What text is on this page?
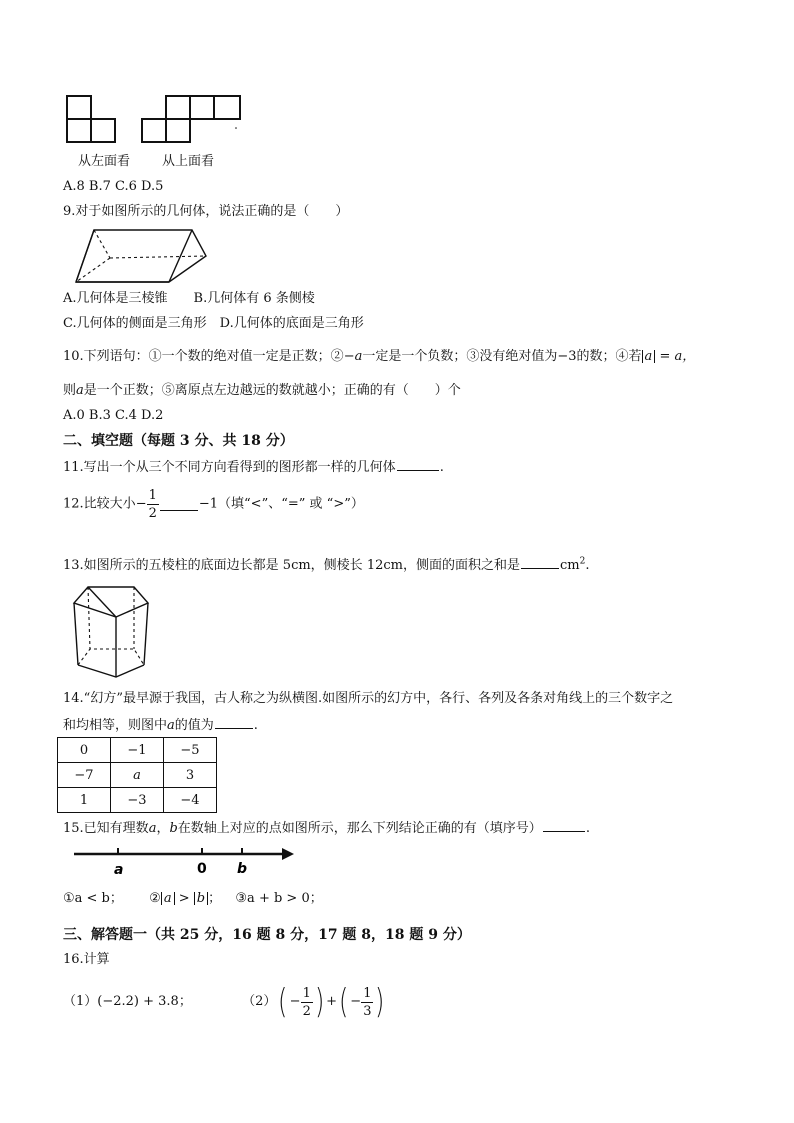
从左面看 从上面看
A.8 B.7 C.6 D.5
9.对于如图所示的几何体，说法正确的是（　　）
A.几何体是三棱锥　　B.几何体有 6 条侧棱
C.几何体的侧面是三角形　D.几何体的底面是三角形
10.下列语句：①一个数的绝对值一定是正数；②−a一定是一个负数；③没有绝对值为−3的数；④若 a = a，
则a是一个正数；⑤离原点左边越远的数就越小；正确的有（　　）个
A.0 B.3 C.4 D.2
二、填空题（每题 3 分、共 18 分）
11.写出一个从三个不同方向看得到的图形都一样的几何体	.
12.比较大小− $\frac{1}{2}$	−1（填“<”、“=” 或 “>”）
13.如图所示的五棱柱的底面边长都是 5cm，侧棱长 12cm，侧面的面积之和是	$cm^2$.
14.“幻方”最早源于我国，古人称之为纵横图.如图所示的幻方中，各行、各列及各条对角线上的三个数字之
和均相等，则图中a的值为	.
0	−1	−5
−7	a	3
1	−3	−4
15.已知有理数a，b在数轴上对应的点如图所示，那么下列结论正确的有（填序号）	.
a	0 b
①a < b； ② a > b ； ③a + b > 0；
三、解答题一（共 25 分，16 题 8 分，17 题 8，18 题 9 分）
16.计算
（1）(−2.2) + 3.8；	$(2)( - \frac{1}{2}$ ) +( − $\frac{1}{3}$ )
